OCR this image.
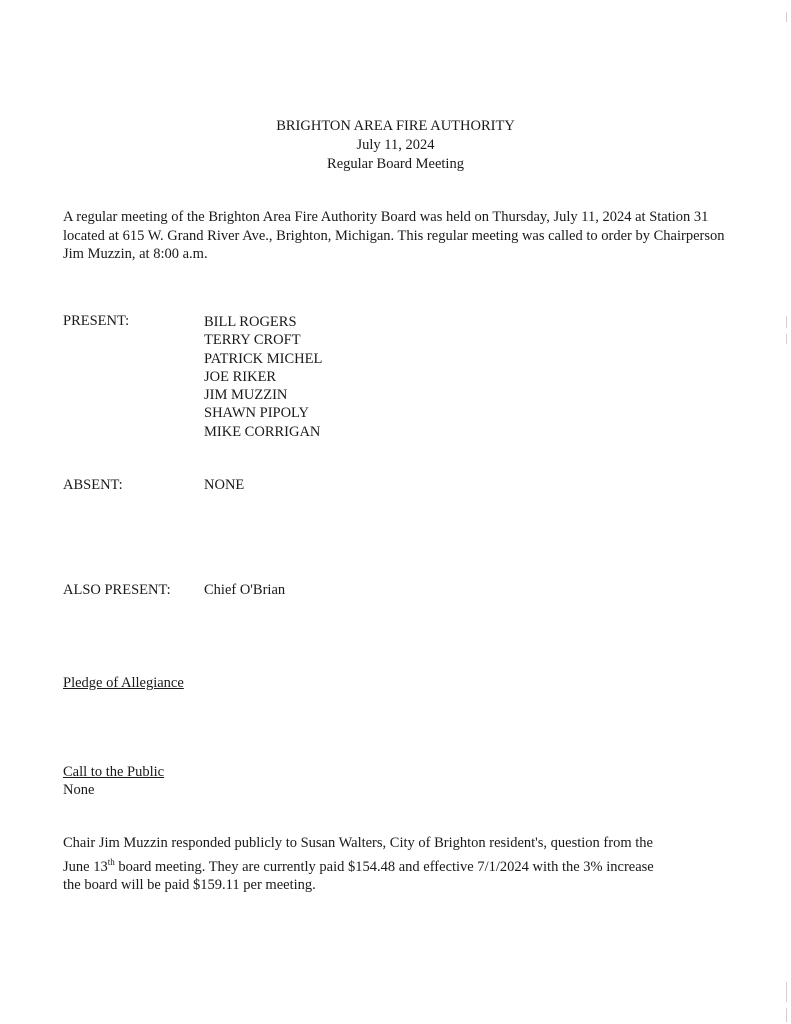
BRIGHTON AREA FIRE AUTHORITY
July 11, 2024
Regular Board Meeting
A regular meeting of the Brighton Area Fire Authority Board was held on Thursday, July 11, 2024 at Station 31 located at 615 W. Grand River Ave., Brighton, Michigan. This regular meeting was called to order by Chairperson Jim Muzzin, at 8:00 a.m.
PRESENT:	BILL ROGERS
TERRY CROFT
PATRICK MICHEL
JOE RIKER
JIM MUZZIN
SHAWN PIPOLY
MIKE CORRIGAN
ABSENT:	NONE
ALSO PRESENT: Chief O'Brian
Pledge of Allegiance
Call to the Public
None
Chair Jim Muzzin responded publicly to Susan Walters, City of Brighton resident's, question from the
June 13th board meeting. They are currently paid $154.48 and effective 7/1/2024 with the 3% increase
the board will be paid $159.11 per meeting.
